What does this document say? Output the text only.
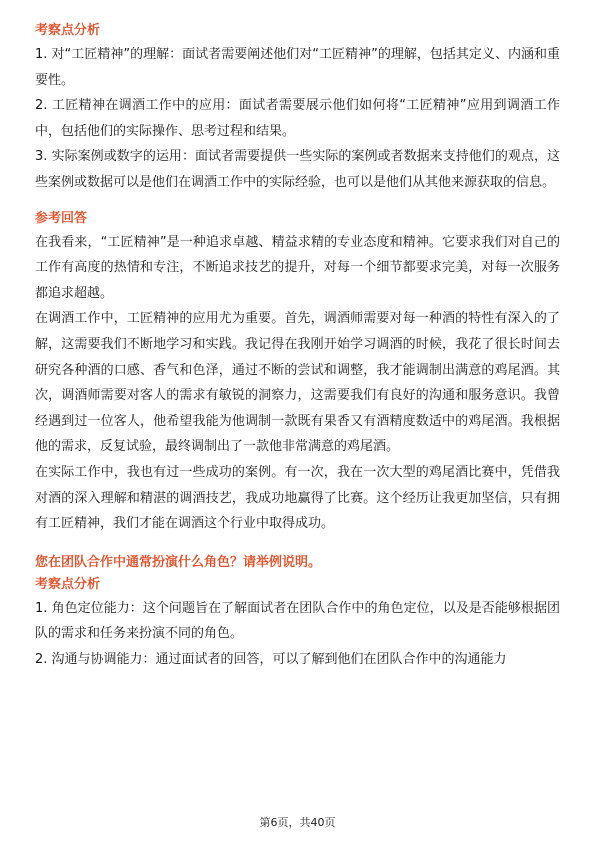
考察点分析

1. 对“工匠精神”的理解：面试者需要阐述他们对“工匠精神”的理解，包括其定义、内涵和重要性。

2. 工匠精神在调酒工作中的应用：面试者需要展示他们如何将“工匠精神”应用到调酒工作中，包括他们的实际操作、思考过程和结果。

3. 实际案例或数字的运用：面试者需要提供一些实际的案例或者数据来支持他们的观点，这些案例或数据可以是他们在调酒工作中的实际经验，也可以是他们从其他来源获取的信息。

参考回答

在我看来，“工匠精神”是一种追求卓越、精益求精的专业态度和精神。它要求我们对自己的工作有高度的热情和专注，不断追求技艺的提升，对每一个细节都要求完美，对每一次服务都追求超越。

在调酒工作中，工匠精神的应用尤为重要。首先，调酒师需要对每一种酒的特性有深入的了解，这需要我们不断地学习和实践。我记得在我刚开始学习调酒的时候，我花了很长时间去研究各种酒的口感、香气和色泽，通过不断的尝试和调整，我才能调制出满意的鸡尾酒。其次，调酒师需要对客人的需求有敏锐的洞察力，这需要我们有良好的沟通和服务意识。我曾经遇到过一位客人，他希望我能为他调制一款既有果香又有酒精度数适中的鸡尾酒。我根据他的需求，反复试验，最终调制出了一款他非常满意的鸡尾酒。

在实际工作中，我也有过一些成功的案例。有一次，我在一次大型的鸡尾酒比赛中，凭借我对酒的深入理解和精湛的调酒技艺，我成功地赢得了比赛。这个经历让我更加坚信，只有拥有工匠精神，我们才能在调酒这个行业中取得成功。

您在团队合作中通常扮演什么角色？请举例说明。

考察点分析

1. 角色定位能力：这个问题旨在了解面试者在团队合作中的角色定位，以及是否能够根据团队的需求和任务来扮演不同的角色。

2. 沟通与协调能力：通过面试者的回答，可以了解到他们在团队合作中的沟通能力

第6页，共40页
